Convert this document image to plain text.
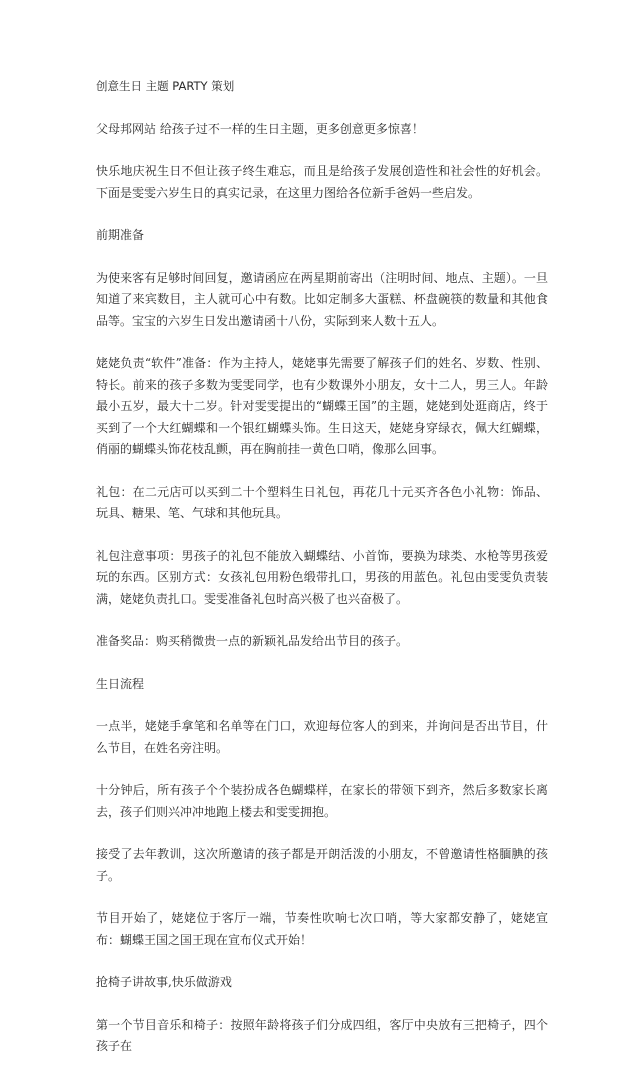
创意生日 主题 PARTY 策划

父母邦网站 给孩子过不一样的生日主题，更多创意更多惊喜！

快乐地庆祝生日不但让孩子终生难忘，而且是给孩子发展创造性和社会性的好机会。下面是雯雯六岁生日的真实记录，在这里力图给各位新手爸妈一些启发。

前期准备

为使来客有足够时间回复，邀请函应在两星期前寄出（注明时间、地点、主题）。一旦知道了来宾数目，主人就可心中有数。比如定制多大蛋糕、杯盘碗筷的数量和其他食品等。宝宝的六岁生日发出邀请函十八份，实际到来人数十五人。

姥姥负责“软件”准备：作为主持人，姥姥事先需要了解孩子们的姓名、岁数、性别、特长。前来的孩子多数为雯雯同学，也有少数课外小朋友，女十二人，男三人。年龄最小五岁，最大十二岁。针对雯雯提出的“蝴蝶王国”的主题，姥姥到处逛商店，终于买到了一个大红蝴蝶和一个银红蝴蝶头饰。生日这天，姥姥身穿绿衣，佩大红蝴蝶，俏丽的蝴蝶头饰花枝乱颤，再在胸前挂一黄色口哨，像那么回事。

礼包：在二元店可以买到二十个塑料生日礼包，再花几十元买齐各色小礼物：饰品、玩具、糖果、笔、气球和其他玩具。

礼包注意事项：男孩子的礼包不能放入蝴蝶结、小首饰，要换为球类、水枪等男孩爱玩的东西。区别方式：女孩礼包用粉色缎带扎口，男孩的用蓝色。礼包由雯雯负责装满，姥姥负责扎口。雯雯准备礼包时高兴极了也兴奋极了。

准备奖品：购买稍微贵一点的新颖礼品发给出节目的孩子。

生日流程

一点半，姥姥手拿笔和名单等在门口，欢迎每位客人的到来，并询问是否出节目，什么节目，在姓名旁注明。

十分钟后，所有孩子个个装扮成各色蝴蝶样，在家长的带领下到齐，然后多数家长离去，孩子们则兴冲冲地跑上楼去和雯雯拥抱。

接受了去年教训，这次所邀请的孩子都是开朗活泼的小朋友，不曾邀请性格腼腆的孩子。

节目开始了，姥姥位于客厅一端，节奏性吹响七次口哨，等大家都安静了，姥姥宣布：蝴蝶王国之国王现在宣布仪式开始！

抢椅子讲故事,快乐做游戏

第一个节目音乐和椅子：按照年龄将孩子们分成四组，客厅中央放有三把椅子，四个孩子在
